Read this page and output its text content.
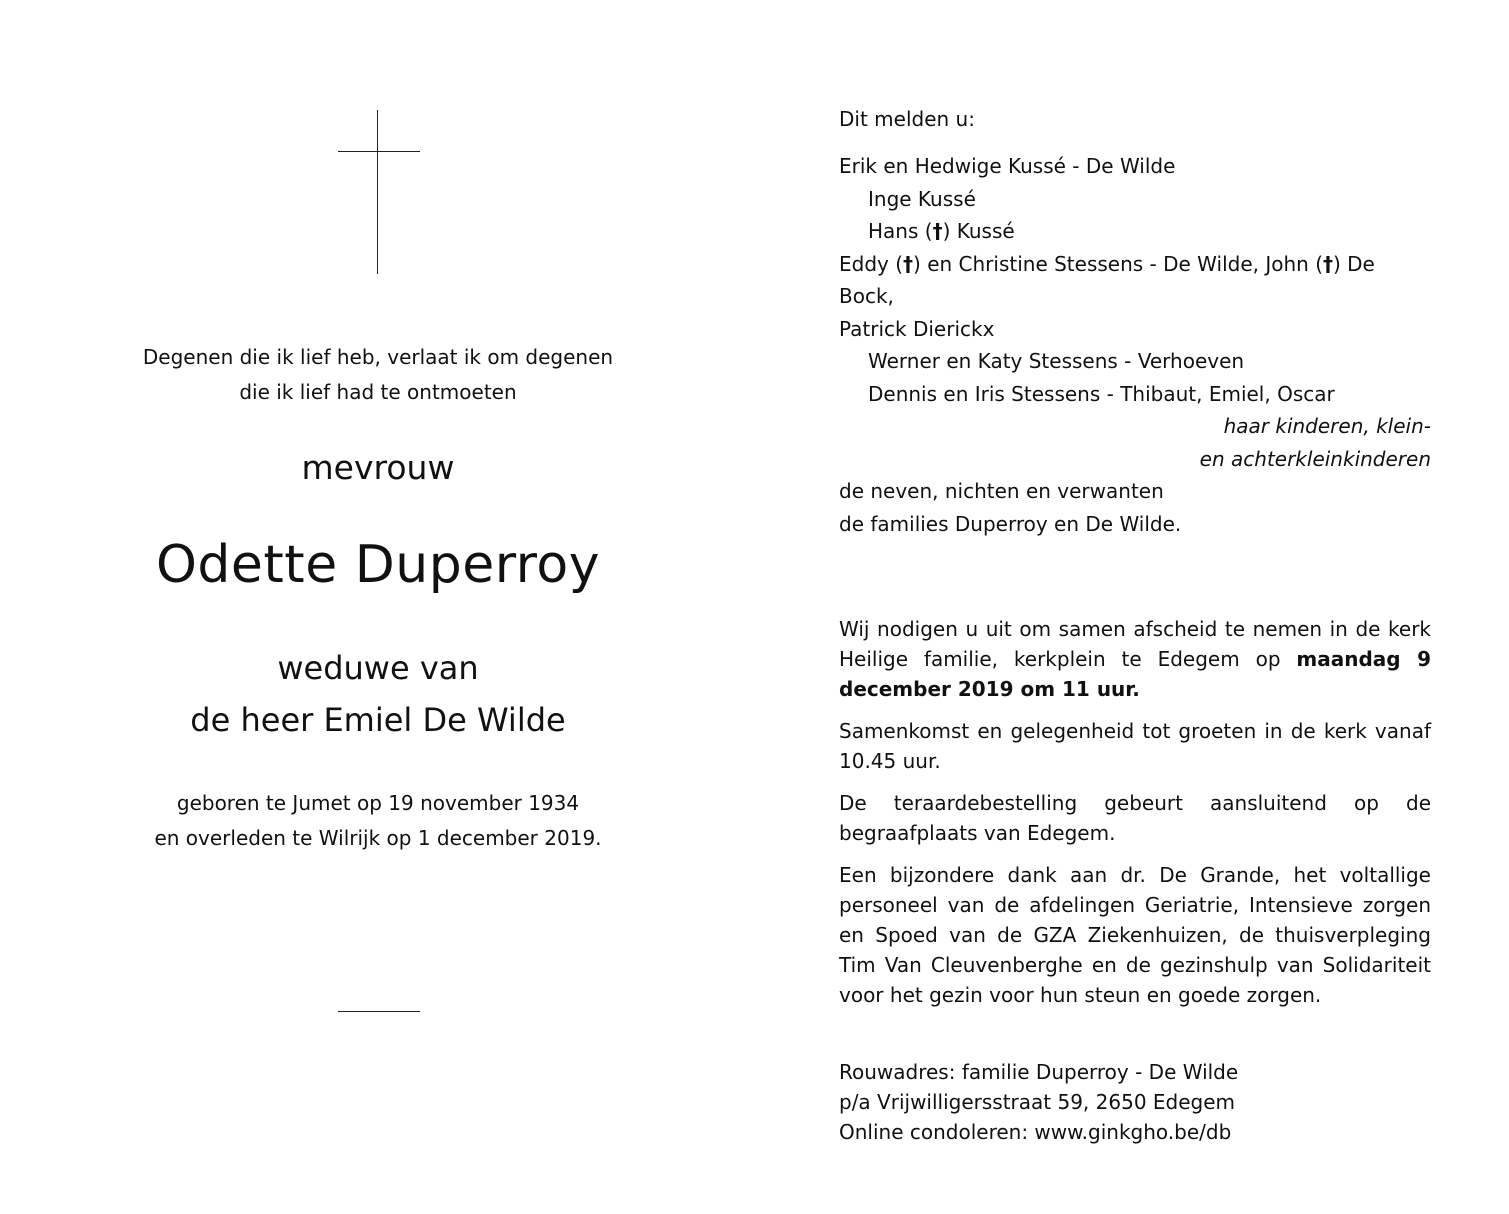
Degenen die ik lief heb, verlaat ik om degenen
die ik lief had te ontmoeten
mevrouw
Odette Duperroy
weduwe van
de heer Emiel De Wilde
geboren te Jumet op 19 november 1934
en overleden te Wilrijk op 1 december 2019.
Dit melden u:
Erik en Hedwige Kussé - De Wilde
Inge Kussé
Hans (†) Kussé
Eddy (†) en Christine Stessens - De Wilde, John (†) De Bock,
Patrick Dierickx
Werner en Katy Stessens - Verhoeven
Dennis en Iris Stessens - Thibaut, Emiel, Oscar
haar kinderen, klein-
en achterkleinkinderen
de neven, nichten en verwanten
de families Duperroy en De Wilde.

Wij nodigen u uit om samen afscheid te nemen in de kerk Heilige familie, kerkplein te Edegem op maandag 9 december 2019 om 11 uur.

Samenkomst en gelegenheid tot groeten in de kerk vanaf 10.45 uur.

De teraardebestelling gebeurt aansluitend op de begraafplaats van Edegem.

Een bijzondere dank aan dr. De Grande, het voltallige personeel van de afdelingen Geriatrie, Intensieve zorgen en Spoed van de GZA Ziekenhuizen, de thuisverpleging Tim Van Cleuvenberghe en de gezinshulp van Solidariteit voor het gezin voor hun steun en goede zorgen.

Rouwadres: familie Duperroy - De Wilde
p/a Vrijwilligersstraat 59, 2650 Edegem
Online condoleren: www.ginkgho.be/db
